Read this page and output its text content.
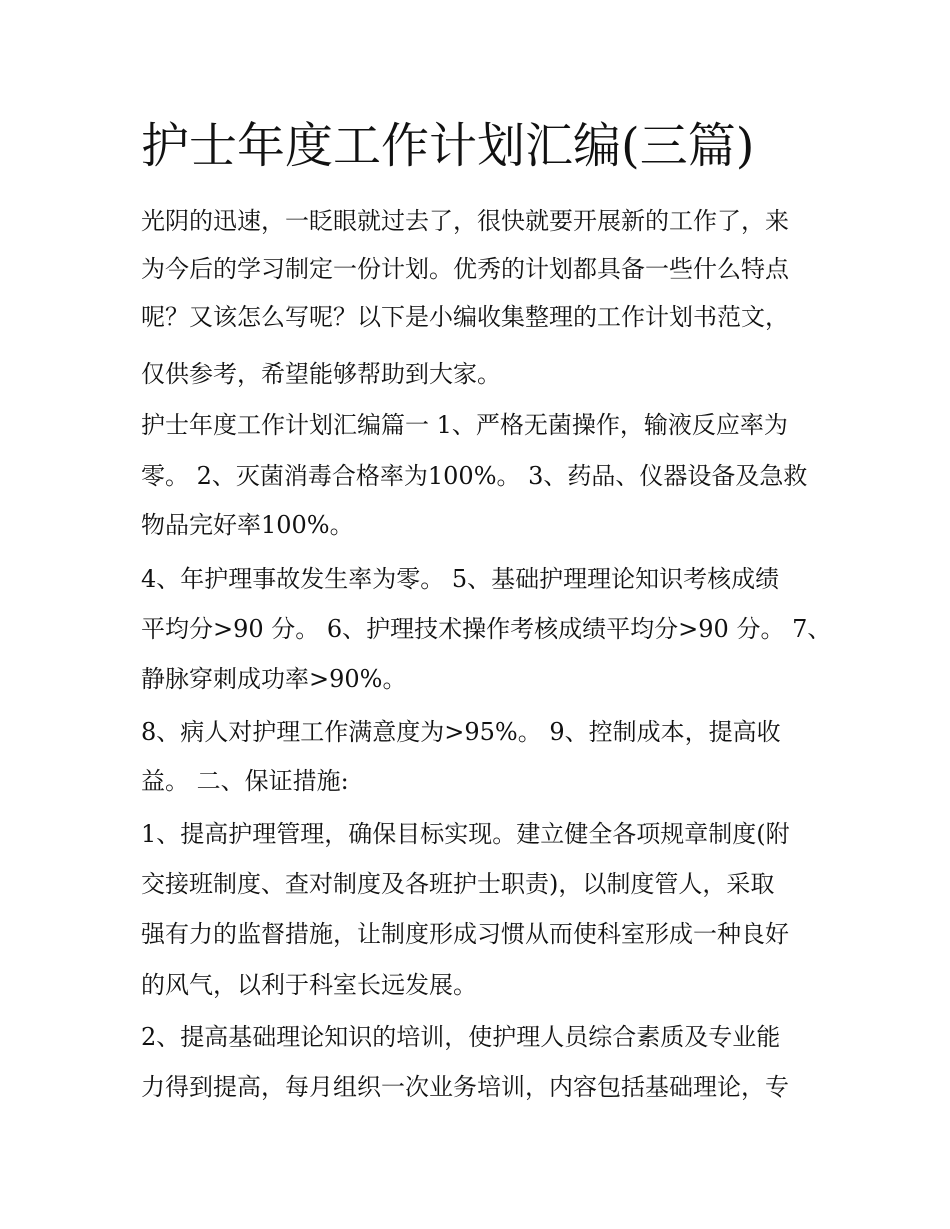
护士年度工作计划汇编(三篇)
光阴的迅速，一眨眼就过去了，很快就要开展新的工作了，来
为今后的学习制定一份计划。优秀的计划都具备一些什么特点
呢？又该怎么写呢？以下是小编收集整理的工作计划书范文，
仅供参考，希望能够帮助到大家。
护士年度工作计划汇编篇一 1、严格无菌操作，输液反应率为
零。 2、灭菌消毒合格率为100%。 3、药品、仪器设备及急救
物品完好率100%。
4、年护理事故发生率为零。 5、基础护理理论知识考核成绩
平均分>90 分。 6、护理技术操作考核成绩平均分>90 分。 7、
静脉穿刺成功率>90%。
8、病人对护理工作满意度为>95%。 9、控制成本，提高收
益。 二、保证措施:
1、提高护理管理，确保目标实现。建立健全各项规章制度(附
交接班制度、查对制度及各班护士职责)，以制度管人，采取
强有力的监督措施，让制度形成习惯从而使科室形成一种良好
的风气，以利于科室长远发展。
2、提高基础理论知识的培训，使护理人员综合素质及专业能
力得到提高，每月组织一次业务培训，内容包括基础理论，专
